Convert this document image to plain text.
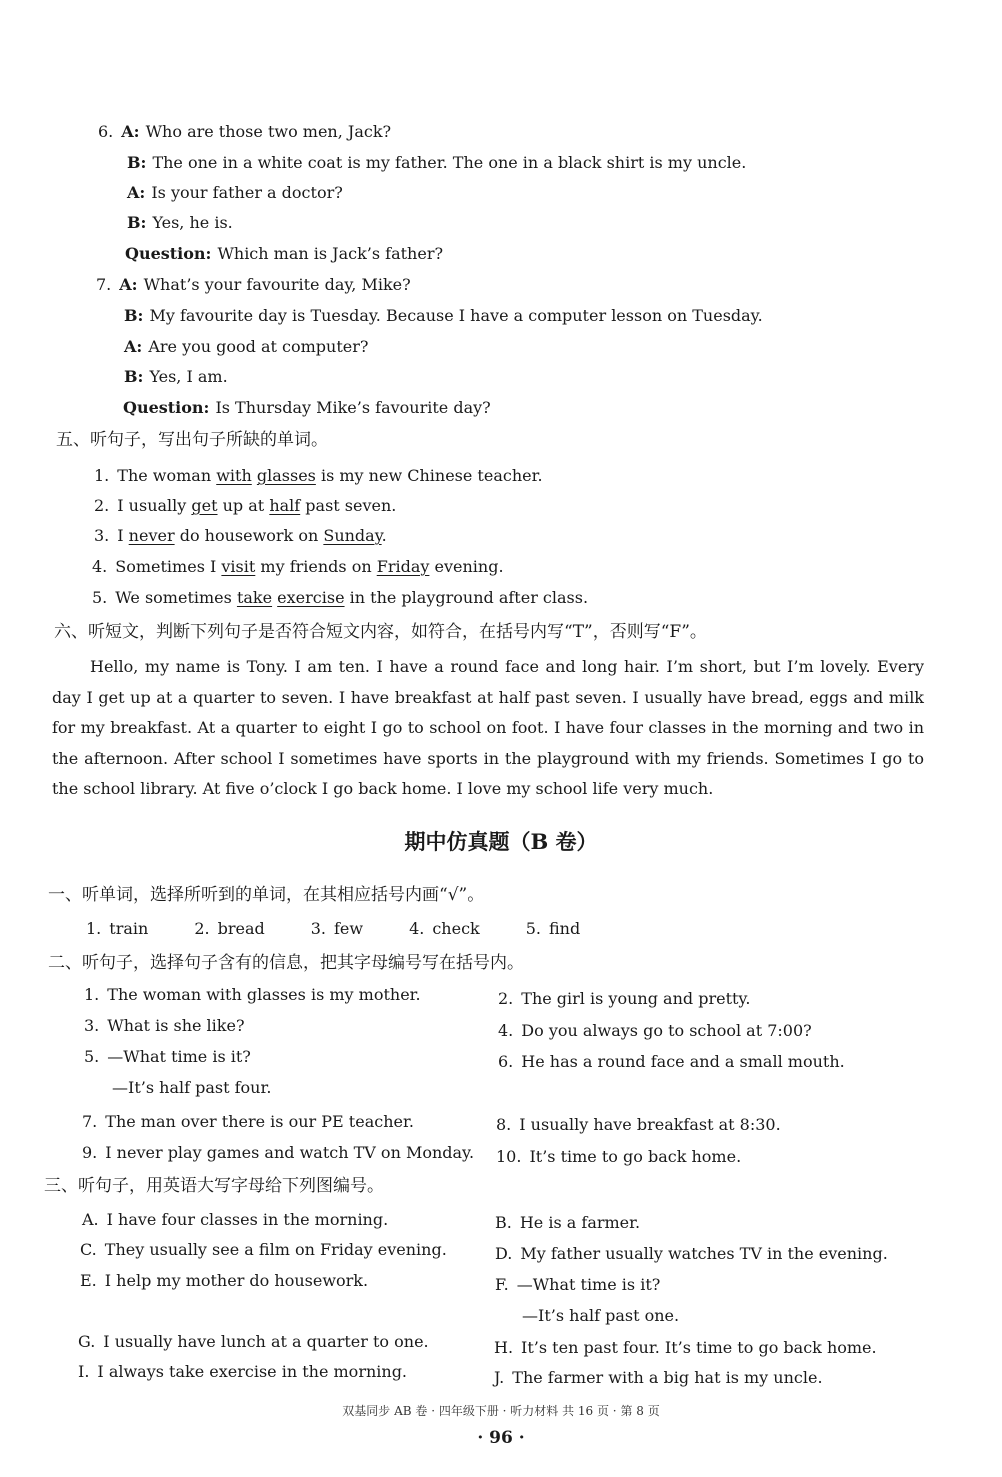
6. A: Who are those two men, Jack?
B: The one in a white coat is my father. The one in a black shirt is my uncle.
A: Is your father a doctor?
B: Yes, he is.
Question: Which man is Jack’s father?
7. A: What’s your favourite day, Mike?
B: My favourite day is Tuesday. Because I have a computer lesson on Tuesday.
A: Are you good at computer?
B: Yes, I am.
Question: Is Thursday Mike’s favourite day?
五、听句子，写出句子所缺的单词。
1. The woman with glasses is my new Chinese teacher.
2. I usually get up at half past seven.
3. I never do housework on Sunday.
4. Sometimes I visit my friends on Friday evening.
5. We sometimes take exercise in the playground after class.
六、听短文，判断下列句子是否符合短文内容，如符合，在括号内写“T”，否则写“F”。
Hello, my name is Tony. I am ten. I have a round face and long hair. I’m short, but I’m lovely. Every day I get up at a quarter to seven. I have breakfast at half past seven. I usually have bread, eggs and milk for my breakfast. At a quarter to eight I go to school on foot. I have four classes in the morning and two in the afternoon. After school I sometimes have sports in the playground with my friends. Sometimes I go to the school library. At five o’clock I go back home. I love my school life very much.
期中仿真题（B 卷）
一、听单词，选择所听到的单词，在其相应括号内画“√”。
1. train	2. bread	3. few	4. check	5. find
二、听句子，选择句子含有的信息，把其字母编号写在括号内。
1. The woman with glasses is my mother.
3. What is she like?
5. —What time is it?
—It’s half past four.
7. The man over there is our PE teacher.
9. I never play games and watch TV on Monday.
2. The girl is young and pretty.
4. Do you always go to school at 7:00?
6. He has a round face and a small mouth.
8. I usually have breakfast at 8:30.
10. It’s time to go back home.
三、听句子，用英语大写字母给下列图编号。
A. I have four classes in the morning.
C. They usually see a film on Friday evening.
E. I help my mother do housework.
G. I usually have lunch at a quarter to one.
I. I always take exercise in the morning.
B. He is a farmer.
D. My father usually watches TV in the evening.
F. —What time is it?
—It’s half past one.
H. It’s ten past four. It’s time to go back home.
J. The farmer with a big hat is my uncle.
双基同步 AB 卷 · 四年级下册 · 听力材料 共 16 页 · 第 8 页
· 96 ·
